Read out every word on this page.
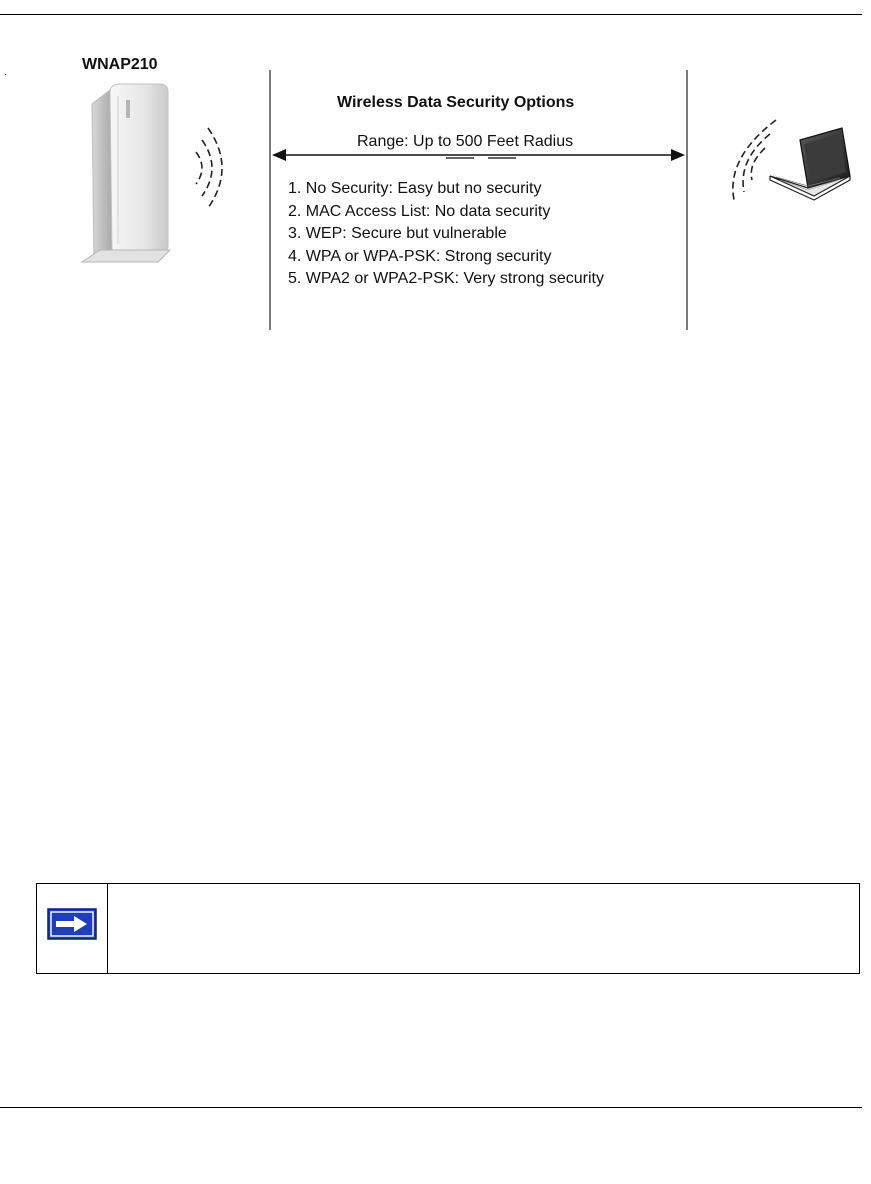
WNAP210
Wireless Data Security Options
Range: Up to 500 Feet Radius
1. No Security: Easy but no security
2. MAC Access List: No data security
3. WEP: Secure but vulnerable
4. WPA or WPA-PSK: Strong security
5. WPA2 or WPA2-PSK: Very strong security
